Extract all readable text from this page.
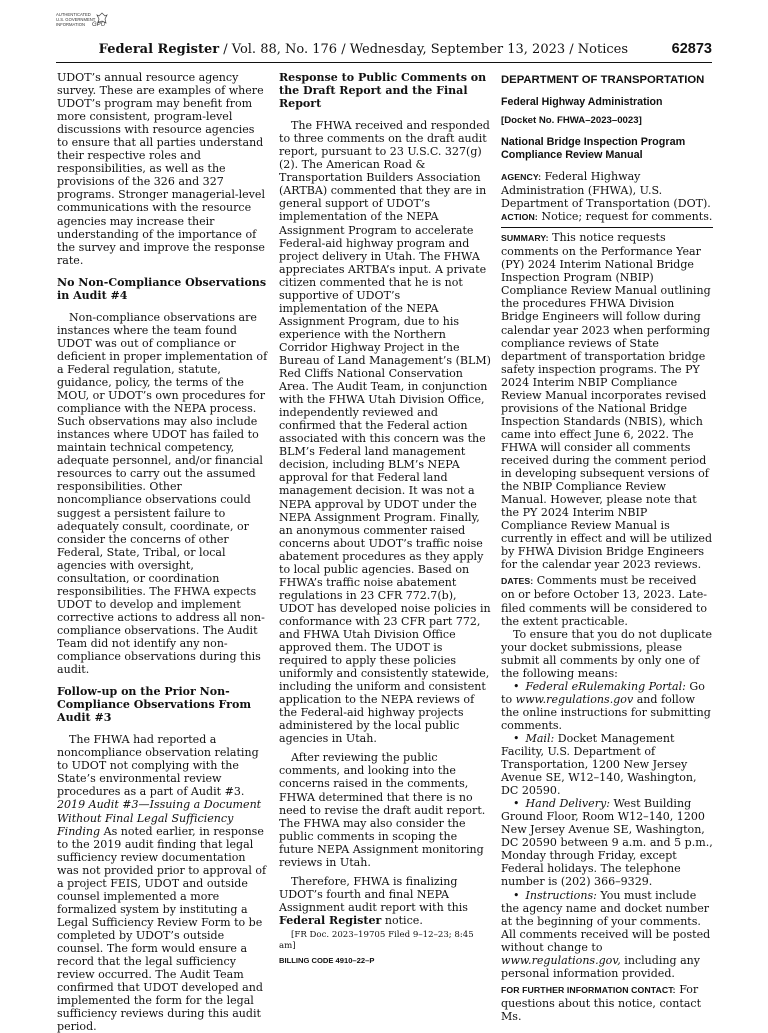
AUTHENTICATED U.S. GOVERNMENT INFORMATION	GPO
Federal Register / Vol. 88, No. 176 / Wednesday, September 13, 2023 / Notices	62873

UDOT’s annual resource agency survey. These are examples of where UDOT’s program may benefit from more consistent, program-level discussions with resource agencies to ensure that all parties understand their respective roles and responsibilities, as well as the provisions of the 326 and 327 programs. Stronger managerial-level communications with the resource agencies may increase their understanding of the importance of the survey and improve the response rate.

No Non-Compliance Observations in Audit #4

Non-compliance observations are instances where the team found UDOT was out of compliance or deficient in proper implementation of a Federal regulation, statute, guidance, policy, the terms of the MOU, or UDOT’s own procedures for compliance with the NEPA process. Such observations may also include instances where UDOT has failed to maintain technical competency, adequate personnel, and/or financial resources to carry out the assumed responsibilities. Other noncompliance observations could suggest a persistent failure to adequately consult, coordinate, or consider the concerns of other Federal, State, Tribal, or local agencies with oversight, consultation, or coordination responsibilities. The FHWA expects UDOT to develop and implement corrective actions to address all non-compliance observations. The Audit Team did not identify any non-compliance observations during this audit.

Follow-up on the Prior Non-Compliance Observations From Audit #3

The FHWA had reported a noncompliance observation relating to UDOT not complying with the State’s environmental review procedures as a part of Audit #3. 2019 Audit #3—Issuing a Document Without Final Legal Sufficiency Finding As noted earlier, in response to the 2019 audit finding that legal sufficiency review documentation was not provided prior to approval of a project FEIS, UDOT and outside counsel implemented a more formalized system by instituting a Legal Sufficiency Review Form to be completed by UDOT’s outside counsel. The form would ensure a record that the legal sufficiency review occurred. The Audit Team confirmed that UDOT developed and implemented the form for the legal sufficiency reviews during this audit period.

Response to Public Comments on the Draft Report and the Final Report

The FHWA received and responded to three comments on the draft audit report, pursuant to 23 U.S.C. 327(g)(2). The American Road & Transportation Builders Association (ARTBA) commented that they are in general support of UDOT’s implementation of the NEPA Assignment Program to accelerate Federal-aid highway program and project delivery in Utah. The FHWA appreciates ARTBA’s input. A private citizen commented that he is not supportive of UDOT’s implementation of the NEPA Assignment Program, due to his experience with the Northern Corridor Highway Project in the Bureau of Land Management’s (BLM) Red Cliffs National Conservation Area. The Audit Team, in conjunction with the FHWA Utah Division Office, independently reviewed and confirmed that the Federal action associated with this concern was the BLM’s Federal land management decision, including BLM’s NEPA approval for that Federal land management decision. It was not a NEPA approval by UDOT under the NEPA Assignment Program. Finally, an anonymous commenter raised concerns about UDOT’s traffic noise abatement procedures as they apply to local public agencies. Based on FHWA’s traffic noise abatement regulations in 23 CFR 772.7(b), UDOT has developed noise policies in conformance with 23 CFR part 772, and FHWA Utah Division Office approved them. The UDOT is required to apply these policies uniformly and consistently statewide, including the uniform and consistent application to the NEPA reviews of the Federal-aid highway projects administered by the local public agencies in Utah.

After reviewing the public comments, and looking into the concerns raised in the comments, FHWA determined that there is no need to revise the draft audit report. The FHWA may also consider the public comments in scoping the future NEPA Assignment monitoring reviews in Utah.

Therefore, FHWA is finalizing UDOT’s fourth and final NEPA Assignment audit report with this Federal Register notice.

[FR Doc. 2023–19705 Filed 9–12–23; 8:45 am]

BILLING CODE 4910–22–P

DEPARTMENT OF TRANSPORTATION
Federal Highway Administration
[Docket No. FHWA–2023–0023]
National Bridge Inspection Program Compliance Review Manual

AGENCY: Federal Highway Administration (FHWA), U.S. Department of Transportation (DOT).

ACTION: Notice; request for comments.

SUMMARY: This notice requests comments on the Performance Year (PY) 2024 Interim National Bridge Inspection Program (NBIP) Compliance Review Manual outlining the procedures FHWA Division Bridge Engineers will follow during calendar year 2023 when performing compliance reviews of State department of transportation bridge safety inspection programs. The PY 2024 Interim NBIP Compliance Review Manual incorporates revised provisions of the National Bridge Inspection Standards (NBIS), which came into effect June 6, 2022. The FHWA will consider all comments received during the comment period in developing subsequent versions of the NBIP Compliance Review Manual. However, please note that the PY 2024 Interim NBIP Compliance Review Manual is currently in effect and will be utilized by FHWA Division Bridge Engineers for the calendar year 2023 reviews.

DATES: Comments must be received on or before October 13, 2023. Late-filed comments will be considered to the extent practicable.

To ensure that you do not duplicate your docket submissions, please submit all comments by only one of the following means:

• Federal eRulemaking Portal: Go to www.regulations.gov and follow the online instructions for submitting comments.
• Mail: Docket Management Facility, U.S. Department of Transportation, 1200 New Jersey Avenue SE, W12–140, Washington, DC 20590.
• Hand Delivery: West Building Ground Floor, Room W12–140, 1200 New Jersey Avenue SE, Washington, DC 20590 between 9 a.m. and 5 p.m., Monday through Friday, except Federal holidays. The telephone number is (202) 366–9329.
• Instructions: You must include the agency name and docket number at the beginning of your comments. All comments received will be posted without change to www.regulations.gov, including any personal information provided.

FOR FURTHER INFORMATION CONTACT: For questions about this notice, contact Ms.
